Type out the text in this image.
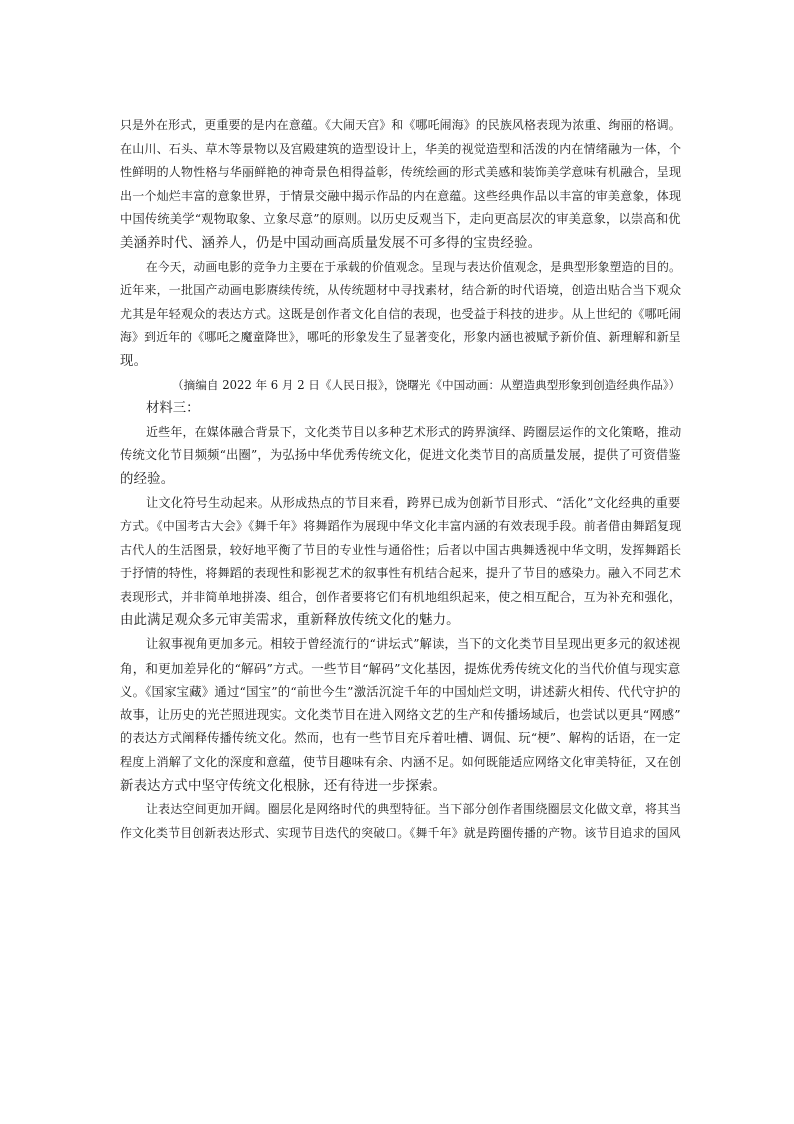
只是外在形式，更重要的是内在意蕴。《大闹天宫》和《哪吒闹海》的民族风格表现为浓重、绚丽的格调。
在山川、石头、草木等景物以及宫殿建筑的造型设计上，华美的视觉造型和活泼的内在情绪融为一体，个
性鲜明的人物性格与华丽鲜艳的神奇景色相得益彰，传统绘画的形式美感和装饰美学意味有机融合，呈现
出一个灿烂丰富的意象世界，于情景交融中揭示作品的内在意蕴。这些经典作品以丰富的审美意象，体现
中国传统美学“观物取象、立象尽意”的原则。以历史反观当下，走向更高层次的审美意象，以崇高和优
美涵养时代、涵养人，仍是中国动画高质量发展不可多得的宝贵经验。

在今天，动画电影的竞争力主要在于承载的价值观念。呈现与表达价值观念，是典型形象塑造的目的。
近年来，一批国产动画电影赓续传统，从传统题材中寻找素材，结合新的时代语境，创造出贴合当下观众
尤其是年轻观众的表达方式。这既是创作者文化自信的表现，也受益于科技的进步。从上世纪的《哪吒闹
海》到近年的《哪吒之魔童降世》，哪吒的形象发生了显著变化，形象内涵也被赋予新价值、新理解和新呈
现。

（摘编自 2022 年 6 月 2 日《人民日报》，饶曙光《中国动画：从塑造典型形象到创造经典作品》）

材料三：

近些年，在媒体融合背景下，文化类节目以多种艺术形式的跨界演绎、跨圈层运作的文化策略，推动
传统文化节目频频“出圈”，为弘扬中华优秀传统文化，促进文化类节目的高质量发展，提供了可资借鉴
的经验。

让文化符号生动起来。从形成热点的节目来看，跨界已成为创新节目形式、“活化”文化经典的重要
方式。《中国考古大会》《舞千年》将舞蹈作为展现中华文化丰富内涵的有效表现手段。前者借由舞蹈复现
古代人的生活图景，较好地平衡了节目的专业性与通俗性；后者以中国古典舞透视中华文明，发挥舞蹈长
于抒情的特性，将舞蹈的表现性和影视艺术的叙事性有机结合起来，提升了节目的感染力。融入不同艺术
表现形式，并非简单地拼凑、组合，创作者要将它们有机地组织起来，使之相互配合，互为补充和强化，
由此满足观众多元审美需求，重新释放传统文化的魅力。

让叙事视角更加多元。相较于曾经流行的“讲坛式”解读，当下的文化类节目呈现出更多元的叙述视
角，和更加差异化的“解码”方式。一些节目“解码”文化基因，提炼优秀传统文化的当代价值与现实意
义。《国家宝藏》通过“国宝”的“前世今生”激活沉淀千年的中国灿烂文明，讲述薪火相传、代代守护的
故事，让历史的光芒照进现实。文化类节目在进入网络文艺的生产和传播场域后，也尝试以更具“网感”
的表达方式阐释传播传统文化。然而，也有一些节目充斥着吐槽、调侃、玩“梗”、解构的话语，在一定
程度上消解了文化的深度和意蕴，使节目趣味有余、内涵不足。如何既能适应网络文化审美特征，又在创
新表达方式中坚守传统文化根脉，还有待进一步探索。

让表达空间更加开阔。圈层化是网络时代的典型特征。当下部分创作者围绕圈层文化做文章，将其当
作文化类节目创新表达形式、实现节目迭代的突破口。《舞千年》就是跨圈传播的产物。该节目追求的国风
